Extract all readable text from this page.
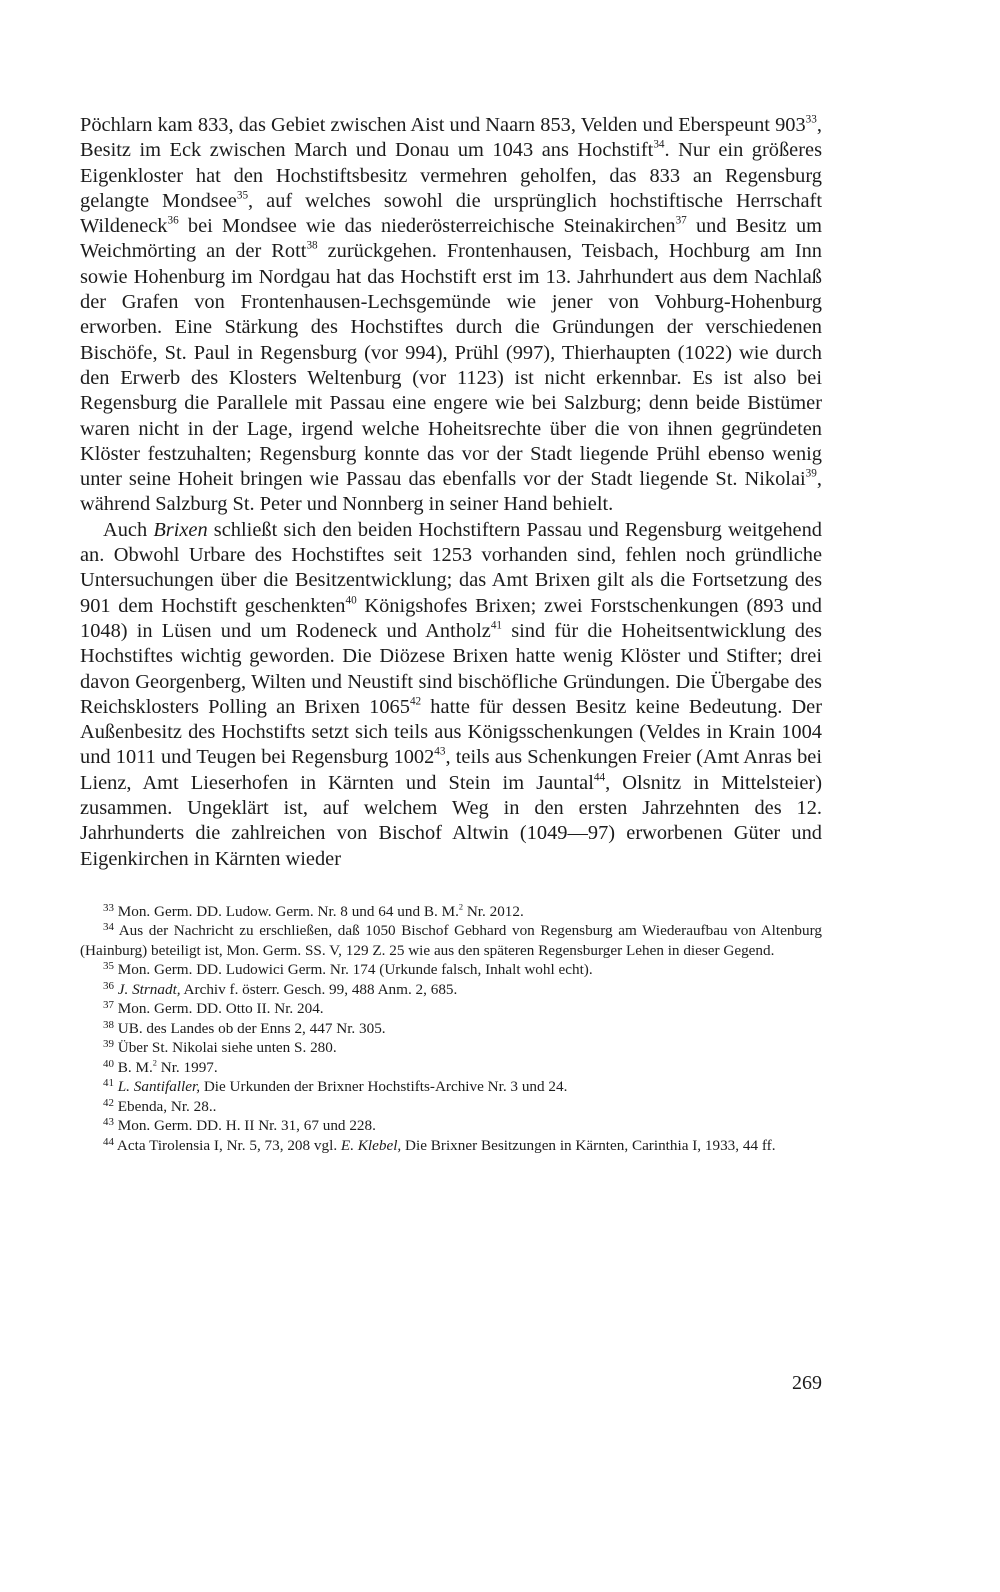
Pöchlarn kam 833, das Gebiet zwischen Aist und Naarn 853, Velden und Eberspeunt $903^{33}$, Besitz im Eck zwischen March und Donau um 1043 ans Hochstift$^{34}$. Nur ein größeres Eigenkloster hat den Hochstiftsbesitz vermehren geholfen, das 833 an Regensburg gelangte Mondsee$^{35}$, auf welches sowohl die ursprünglich hochstiftische Herrschaft Wildeneck$^{36}$ bei Mondsee wie das niederösterreichische Steinakirchen$^{37}$ und Besitz um Weichmörting an der Rott$^{38}$ zurückgehen. Frontenhausen, Teisbach, Hochburg am Inn sowie Hohenburg im Nordgau hat das Hochstift erst im 13. Jahrhundert aus dem Nachlaß der Grafen von Frontenhausen-Lechsgemünde wie jener von Vohburg-Hohenburg erworben. Eine Stärkung des Hochstiftes durch die Gründungen der verschiedenen Bischöfe, St. Paul in Regensburg (vor 994), Prühl (997), Thierhaupten (1022) wie durch den Erwerb des Klosters Weltenburg (vor 1123) ist nicht erkennbar. Es ist also bei Regensburg die Parallele mit Passau eine engere wie bei Salzburg; denn beide Bistümer waren nicht in der Lage, irgend welche Hoheitsrechte über die von ihnen gegründeten Klöster festzuhalten; Regensburg konnte das vor der Stadt liegende Prühl ebenso wenig unter seine Hoheit bringen wie Passau das ebenfalls vor der Stadt liegende St. Nikolai$^{39}$, während Salzburg St. Peter und Nonnberg in seiner Hand behielt.

Auch Brixen schließt sich den beiden Hochstiftern Passau und Regensburg weitgehend an. Obwohl Urbare des Hochstiftes seit 1253 vorhanden sind, fehlen noch gründliche Untersuchungen über die Besitzentwicklung; das Amt Brixen gilt als die Fortsetzung des 901 dem Hochstift geschenkten$^{40}$ Königshofes Brixen; zwei Forstschenkungen (893 und 1048) in Lüsen und um Rodeneck und Antholz$^{41}$ sind für die Hoheitsentwicklung des Hochstiftes wichtig geworden. Die Diözese Brixen hatte wenig Klöster und Stifter; drei davon Georgenberg, Wilten und Neustift sind bischöfliche Gründungen. Die Übergabe des Reichsklosters Polling an Brixen 1065$^{42}$ hatte für dessen Besitz keine Bedeutung. Der Außenbesitz des Hochstifts setzt sich teils aus Königsschenkungen (Veldes in Krain 1004 und 1011 und Teugen bei Regensburg 1002$^{43}$, teils aus Schenkungen Freier (Amt Anras bei Lienz, Amt Lieserhofen in Kärnten und Stein im Jauntal$^{44}$, Olsnitz in Mittelsteier) zusammen. Ungeklärt ist, auf welchem Weg in den ersten Jahrzehnten des 12. Jahrhunderts die zahlreichen von Bischof Altwin (1049—97) erworbenen Güter und Eigenkirchen in Kärnten wieder

$^{33}$ Mon. Germ. DD. Ludow. Germ. Nr. 8 und 64 und B. M.$^2$ Nr. 2012.

$^{34}$ Aus der Nachricht zu erschließen, daß 1050 Bischof Gebhard von Regensburg am Wiederaufbau von Altenburg (Hainburg) beteiligt ist, Mon. Germ. SS. V, 129 Z. 25 wie aus den späteren Regensburger Lehen in dieser Gegend.

$^{35}$ Mon. Germ. DD. Ludowici Germ. Nr. 174 (Urkunde falsch, Inhalt wohl echt).

$^{36}$ J. Strnadt, Archiv f. österr. Gesch. 99, 488 Anm. 2, 685.

$^{37}$ Mon. Germ. DD. Otto II. Nr. 204.

$^{38}$ UB. des Landes ob der Enns 2, 447 Nr. 305.

$^{39}$ Über St. Nikolai siehe unten S. 280.

$^{40}$ B. M.$^2$ Nr. 1997.

$^{41}$ L. Santifaller, Die Urkunden der Brixner Hochstifts-Archive Nr. 3 und 24.

$^{42}$ Ebenda, Nr. 28..

$^{43}$ Mon. Germ. DD. H. II Nr. 31, 67 und 228.

$^{44}$ Acta Tirolensia I, Nr. 5, 73, 208 vgl. E. Klebel, Die Brixner Besitzungen in Kärnten, Carinthia I, 1933, 44 ff.

269
